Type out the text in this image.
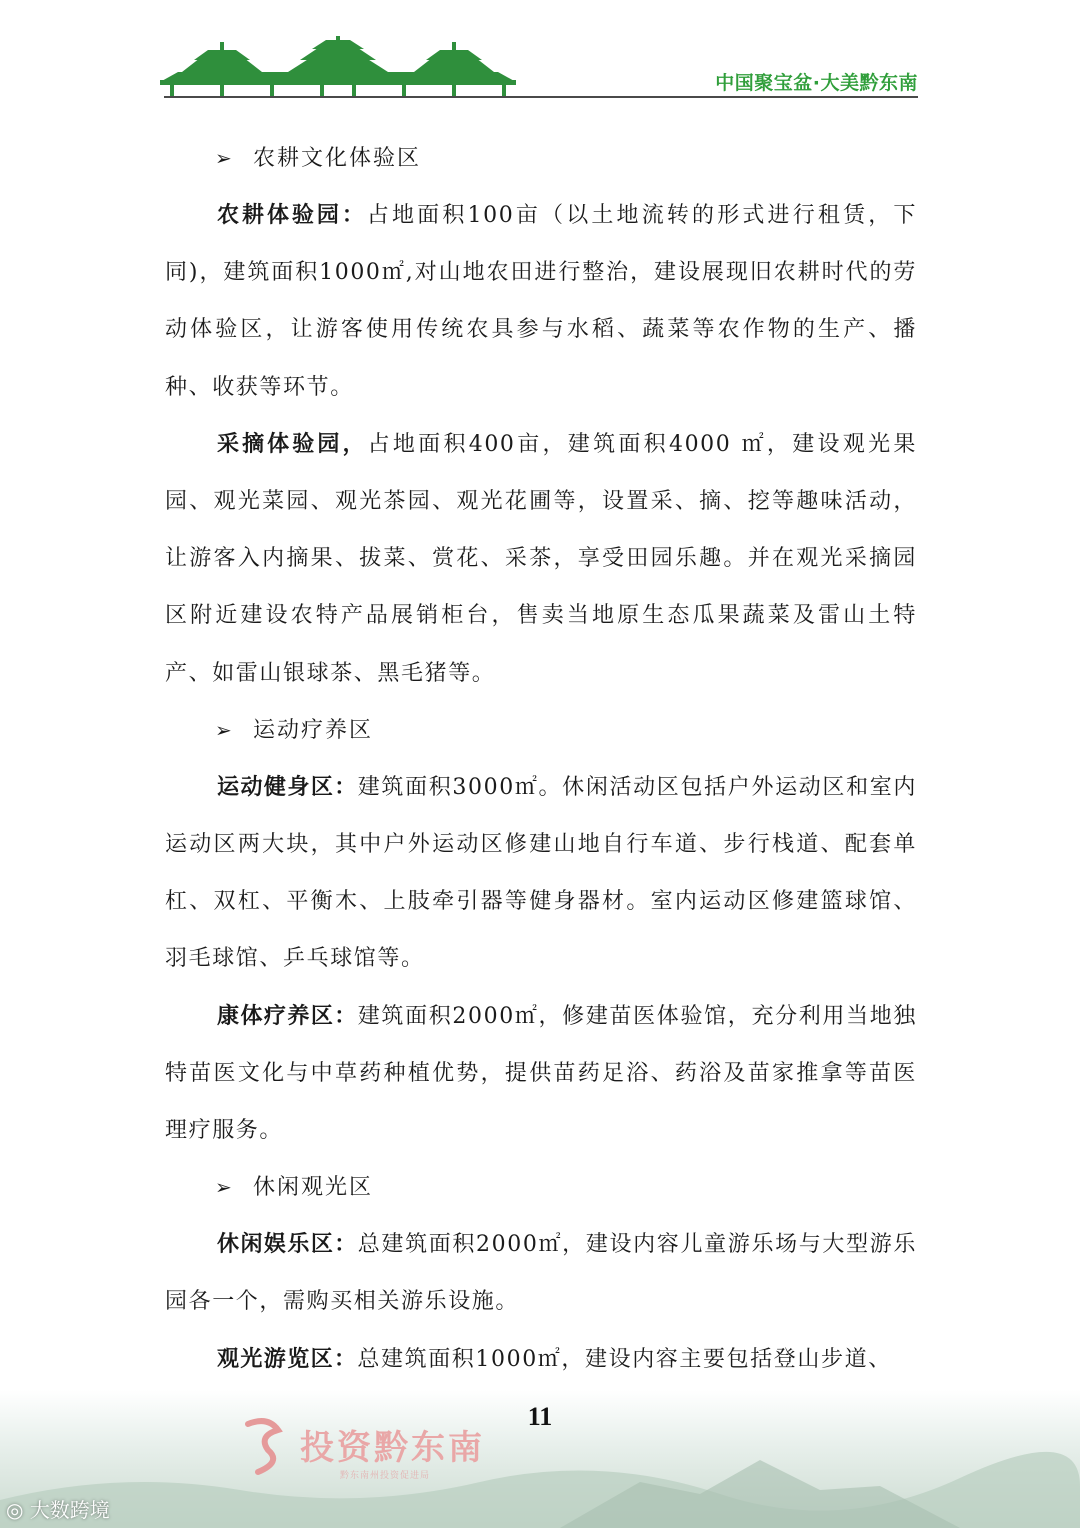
中国聚宝盆·大美黔东南
➢ 农耕文化体验区

农耕体验园：占地面积100亩（以土地流转的形式进行租赁，下同)，建筑面积1000㎡,对山地农田进行整治，建设展现旧农耕时代的劳动体验区，让游客使用传统农具参与水稻、蔬菜等农作物的生产、播种、收获等环节。

采摘体验园，占地面积400亩，建筑面积4000 ㎡，建设观光果园、观光菜园、观光茶园、观光花圃等，设置采、摘、挖等趣味活动，让游客入内摘果、拔菜、赏花、采茶，享受田园乐趣。并在观光采摘园区附近建设农特产品展销柜台，售卖当地原生态瓜果蔬菜及雷山土特产、如雷山银球茶、黑毛猪等。

➢ 运动疗养区

运动健身区：建筑面积3000㎡。休闲活动区包括户外运动区和室内运动区两大块，其中户外运动区修建山地自行车道、步行栈道、配套单杠、双杠、平衡木、上肢牵引器等健身器材。室内运动区修建篮球馆、羽毛球馆、乒乓球馆等。

康体疗养区：建筑面积2000㎡，修建苗医体验馆，充分利用当地独特苗医文化与中草药种植优势，提供苗药足浴、药浴及苗家推拿等苗医理疗服务。

➢ 休闲观光区

休闲娱乐区：总建筑面积2000㎡，建设内容儿童游乐场与大型游乐园各一个，需购买相关游乐设施。

观光游览区：总建筑面积1000㎡，建设内容主要包括登山步道、

投资黔东南
黔东南州投资促进局
◎ 大数跨境
11
